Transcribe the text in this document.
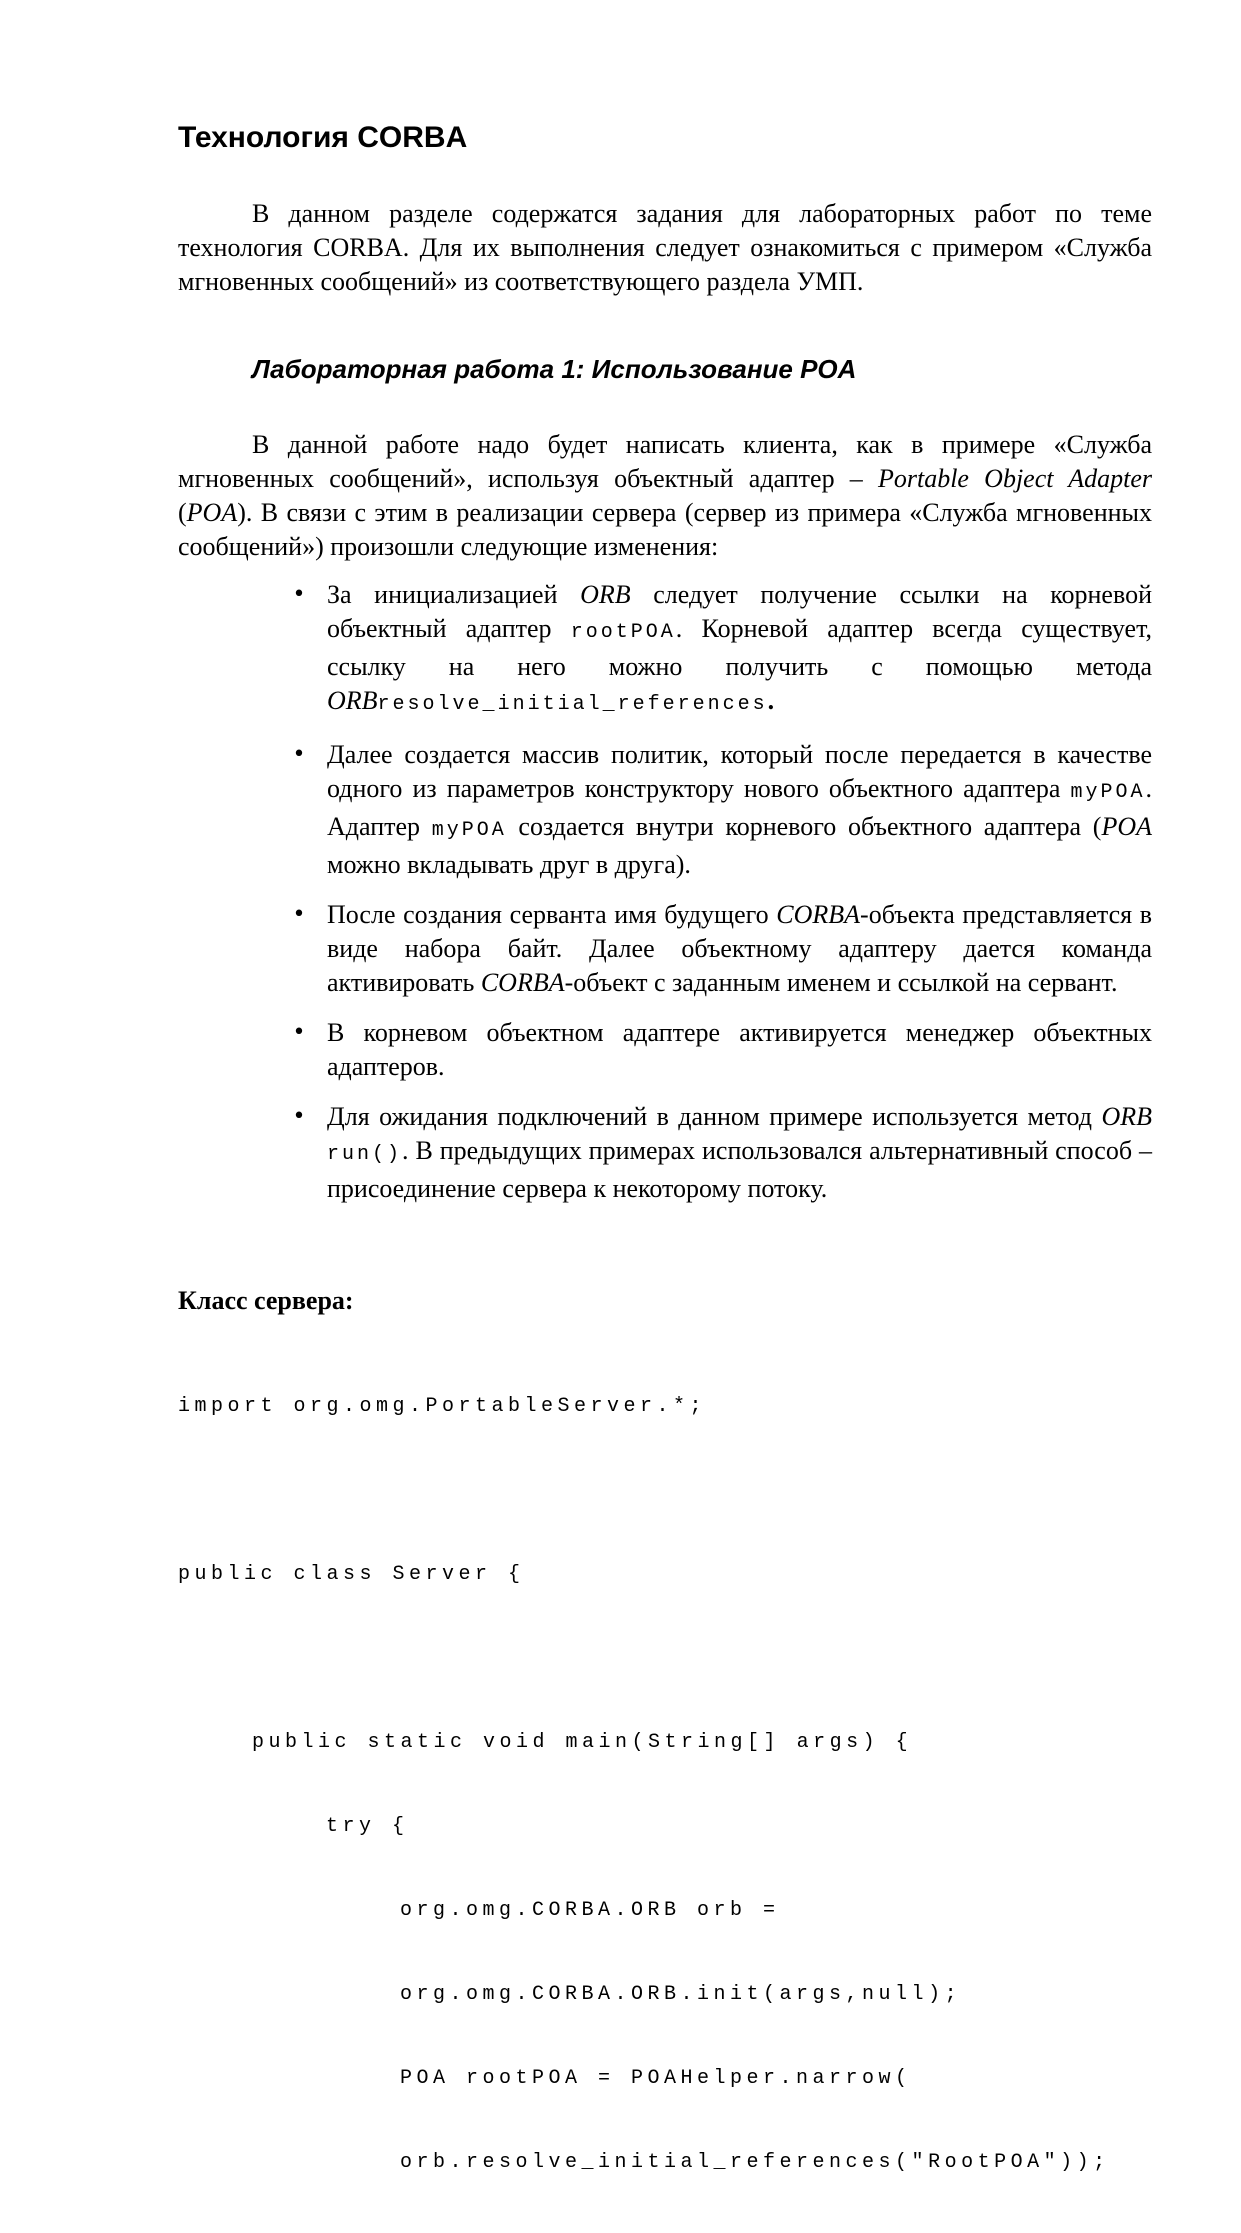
Технология CORBA

В данном разделе содержатся задания для лабораторных работ по теме технология CORBA. Для их выполнения следует ознакомиться с примером «Служба мгновенных сообщений» из соответствующего раздела УМП.

Лабораторная работа 1: Использование POA

В данной работе надо будет написать клиента, как в примере «Служба мгновенных сообщений», используя объектный адаптер – Portable Object Adapter (POA). В связи с этим в реализации сервера (сервер из примера «Служба мгновенных сообщений») произошли следующие изменения:

• За инициализацией ORB следует получение ссылки на корневой объектный адаптер rootPOA. Корневой адаптер всегда существует, ссылку на него можно получить с помощью метода ORBresolve_initial_references.
• Далее создается массив политик, который после передается в качестве одного из параметров конструктору нового объектного адаптера myPOA. Адаптер myPOA создается внутри корневого объектного адаптера (POA можно вкладывать друг в друга).
• После создания серванта имя будущего CORBA-объекта представляется в виде набора байт. Далее объектному адаптеру дается команда активировать CORBA-объект с заданным именем и ссылкой на сервант.
• В корневом объектном адаптере активируется менеджер объектных адаптеров.
• Для ожидания подключений в данном примере используется метод ORB run(). В предыдущих примерах использовался альтернативный способ – присоединение сервера к некоторому потоку.
Класс сервера:

import org.omg.PortableServer.*;

public class Server {

public static void main(String[] args) {

try {

org.omg.CORBA.ORB orb =

org.omg.CORBA.ORB.init(args,null);

POA rootPOA = POAHelper.narrow(

orb.resolve_initial_references("RootPOA"));
